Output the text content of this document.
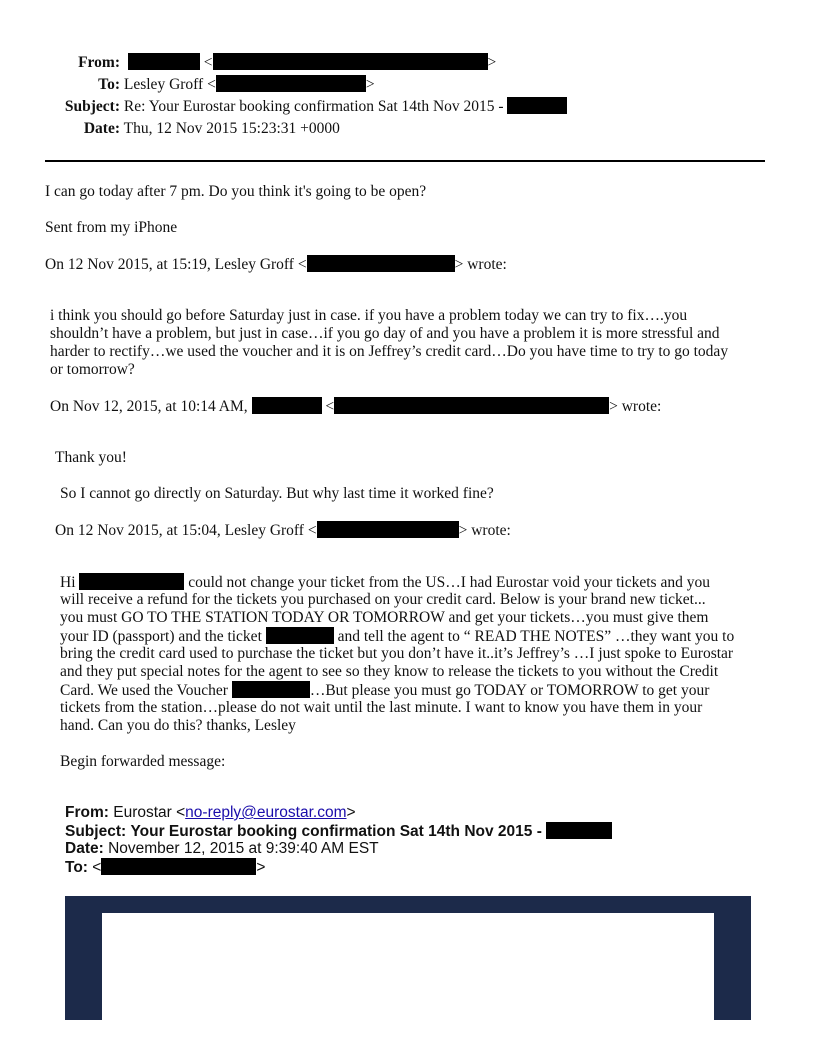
From:	<	>
To: Lesley Groff <	>
Subject: Re: Your Eurostar booking confirmation Sat 14th Nov 2015 -
Date: Thu, 12 Nov 2015 15:23:31 +0000
I can go today after 7 pm. Do you think it's going to be open?
Sent from my iPhone
On 12 Nov 2015, at 15:19, Lesley Groff <	> wrote:
i think you should go before Saturday just in case. if you have a problem today we can try to fix….you
shouldn’t have a problem, but just in case…if you go day of and you have a problem it is more stressful and
harder to rectify…we used the voucher and it is on Jeffrey’s credit card…Do you have time to try to go today
or tomorrow?
On Nov 12, 2015, at 10:14 AM,	<	> wrote:
Thank you!
So I cannot go directly on Saturday. But why last time it worked fine?
On 12 Nov 2015, at 15:04, Lesley Groff <	> wrote:
Hi	could not change your ticket from the US…I had Eurostar void your tickets and you
will receive a refund for the tickets you purchased on your credit card. Below is your brand new ticket...
you must GO TO THE STATION TODAY OR TOMORROW and get your tickets…you must give them
your ID (passport) and the ticket	and tell the agent to “ READ THE NOTES” …they want you to
bring the credit card used to purchase the ticket but you don’t have it..it’s Jeffrey’s …I just spoke to Eurostar
and they put special notes for the agent to see so they know to release the tickets to you without the Credit
Card. We used the Voucher	…But please you must go TODAY or TOMORROW to get your
tickets from the station…please do not wait until the last minute. I want to know you have them in your
hand. Can you do this? thanks, Lesley
Begin forwarded message:
From: Eurostar <no-reply@eurostar.com>
Subject: Your Eurostar booking confirmation Sat 14th Nov 2015 -
Date: November 12, 2015 at 9:39:40 AM EST
To: <	>
